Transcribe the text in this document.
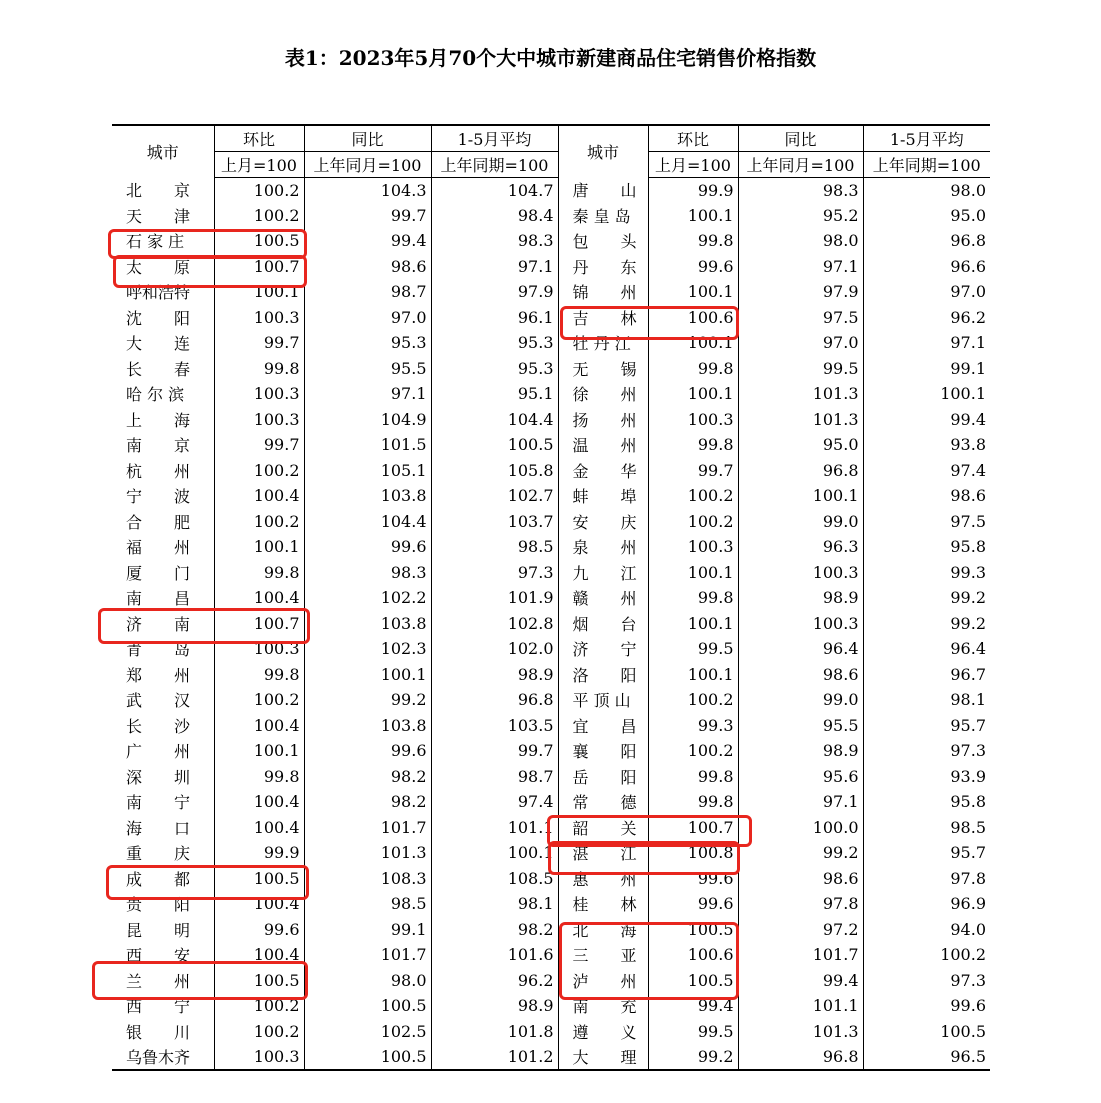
表1：2023年5月70个大中城市新建商品住宅销售价格指数
城市	环比	同比	1-5月平均	城市	环比	同比	1-5月平均
	上月=100	上年同月=100	上年同期=100		上月=100	上年同月=100	上年同期=100
北　　京	100.2	104.3	104.7	唐　　山	99.9	98.3	98.0
天　　津	100.2	99.7	98.4	秦 皇 岛	100.1	95.2	95.0
石 家 庄	100.5	99.4	98.3	包　　头	99.8	98.0	96.8
太　　原	100.7	98.6	97.1	丹　　东	99.6	97.1	96.6
呼和浩特	100.1	98.7	97.9	锦　　州	100.1	97.9	97.0
沈　　阳	100.3	97.0	96.1	吉　　林	100.6	97.5	96.2
大　　连	99.7	95.3	95.3	牡 丹 江	100.1	97.0	97.1
长　　春	99.8	95.5	95.3	无　　锡	99.8	99.5	99.1
哈 尔 滨	100.3	97.1	95.1	徐　　州	100.1	101.3	100.1
上　　海	100.3	104.9	104.4	扬　　州	100.3	101.3	99.4
南　　京	99.7	101.5	100.5	温　　州	99.8	95.0	93.8
杭　　州	100.2	105.1	105.8	金　　华	99.7	96.8	97.4
宁　　波	100.4	103.8	102.7	蚌　　埠	100.2	100.1	98.6
合　　肥	100.2	104.4	103.7	安　　庆	100.2	99.0	97.5
福　　州	100.1	99.6	98.5	泉　　州	100.3	96.3	95.8
厦　　门	99.8	98.3	97.3	九　　江	100.1	100.3	99.3
南　　昌	100.4	102.2	101.9	赣　　州	99.8	98.9	99.2
济　　南	100.7	103.8	102.8	烟　　台	100.1	100.3	99.2
青　　岛	100.3	102.3	102.0	济　　宁	99.5	96.4	96.4
郑　　州	99.8	100.1	98.9	洛　　阳	100.1	98.6	96.7
武　　汉	100.2	99.2	96.8	平 顶 山	100.2	99.0	98.1
长　　沙	100.4	103.8	103.5	宜　　昌	99.3	95.5	95.7
广　　州	100.1	99.6	99.7	襄　　阳	100.2	98.9	97.3
深　　圳	99.8	98.2	98.7	岳　　阳	99.8	95.6	93.9
南　　宁	100.4	98.2	97.4	常　　德	99.8	97.1	95.8
海　　口	100.4	101.7	101.1	韶　　关	100.7	100.0	98.5
重　　庆	99.9	101.3	100.1	湛　　江	100.8	99.2	95.7
成　　都	100.5	108.3	108.5	惠　　州	99.6	98.6	97.8
贵　　阳	100.4	98.5	98.1	桂　　林	99.6	97.8	96.9
昆　　明	99.6	99.1	98.2	北　　海	100.5	97.2	94.0
西　　安	100.4	101.7	101.6	三　　亚	100.6	101.7	100.2
兰　　州	100.5	98.0	96.2	泸　　州	100.5	99.4	97.3
西　　宁	100.2	100.5	98.9	南　　充	99.4	101.1	99.6
银　　川	100.2	102.5	101.8	遵　　义	99.5	101.3	100.5
乌鲁木齐	100.3	100.5	101.2	大　　理	99.2	96.8	96.5
